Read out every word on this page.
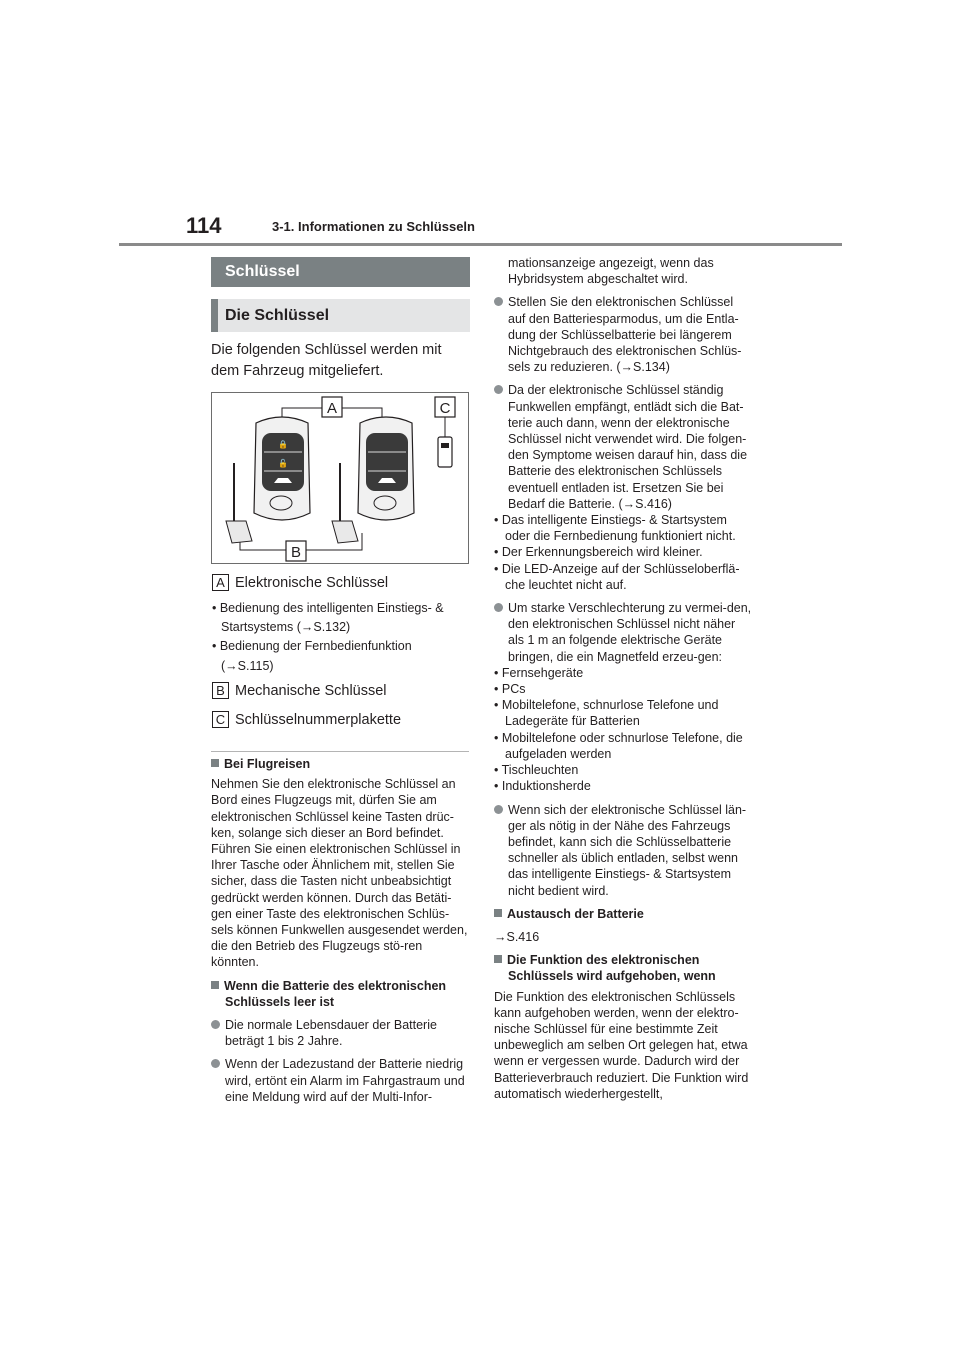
114	3-1. Informationen zu Schlüsseln
Schlüssel
Die Schlüssel
Die folgenden Schlüssel werden mit dem Fahrzeug mitgeliefert.
🔒
🔓
A	C
B
A Elektronische Schlüssel
• Bedienung des intelligenten Einstiegs- &
Startsystems (→S.132)
• Bedienung der Fernbedienfunktion
(→S.115)
B Mechanische Schlüssel
C Schlüsselnummerplakette
Bei Flugreisen
Nehmen Sie den elektronische Schlüssel an Bord eines Flugzeugs mit, dürfen Sie am elektronischen Schlüssel keine Tasten drüc-ken, solange sich dieser an Bord befindet. Führen Sie einen elektronischen Schlüssel in Ihrer Tasche oder Ähnlichem mit, stellen Sie sicher, dass die Tasten nicht unbeabsichtigt gedrückt werden können. Durch das Betäti-gen einer Taste des elektronischen Schlüs-sels können Funkwellen ausgesendet werden, die den Betrieb des Flugzeugs stö-ren könnten.
Wenn die Batterie des elektronischen Schlüssels leer ist
Die normale Lebensdauer der Batterie beträgt 1 bis 2 Jahre.
Wenn der Ladezustand der Batterie niedrig wird, ertönt ein Alarm im Fahrgastraum und eine Meldung wird auf der Multi-Infor-
mationsanzeige angezeigt, wenn das Hybridsystem abgeschaltet wird.
Stellen Sie den elektronischen Schlüssel auf den Batteriesparmodus, um die Entla-dung der Schlüsselbatterie bei längerem Nichtgebrauch des elektronischen Schlüs-sels zu reduzieren. (→S.134)
Da der elektronische Schlüssel ständig Funkwellen empfängt, entlädt sich die Bat-terie auch dann, wenn der elektronische Schlüssel nicht verwendet wird. Die folgen-den Symptome weisen darauf hin, dass die Batterie des elektronischen Schlüssels eventuell entladen ist. Ersetzen Sie bei Bedarf die Batterie. (→S.416)
• Das intelligente Einstiegs- & Startsystem oder die Fernbedienung funktioniert nicht.
• Der Erkennungsbereich wird kleiner.
• Die LED-Anzeige auf der Schlüsseloberflä-che leuchtet nicht auf.
Um starke Verschlechterung zu vermei-den, den elektronischen Schlüssel nicht näher als 1 m an folgende elektrische Geräte bringen, die ein Magnetfeld erzeu-gen:
• Fernsehgeräte
• PCs
• Mobiltelefone, schnurlose Telefone und Ladegeräte für Batterien
• Mobiltelefone oder schnurlose Telefone, die aufgeladen werden
• Tischleuchten
• Induktionsherde
Wenn sich der elektronische Schlüssel län-ger als nötig in der Nähe des Fahrzeugs befindet, kann sich die Schlüsselbatterie schneller als üblich entladen, selbst wenn das intelligente Einstiegs- & Startsystem nicht bedient wird.
Austausch der Batterie
→S.416
Die Funktion des elektronischen Schlüssels wird aufgehoben, wenn
Die Funktion des elektronischen Schlüssels kann aufgehoben werden, wenn der elektro-nische Schlüssel für eine bestimmte Zeit unbeweglich am selben Ort gelegen hat, etwa wenn er vergessen wurde. Dadurch wird der Batterieverbrauch reduziert. Die Funktion wird automatisch wiederhergestellt,
